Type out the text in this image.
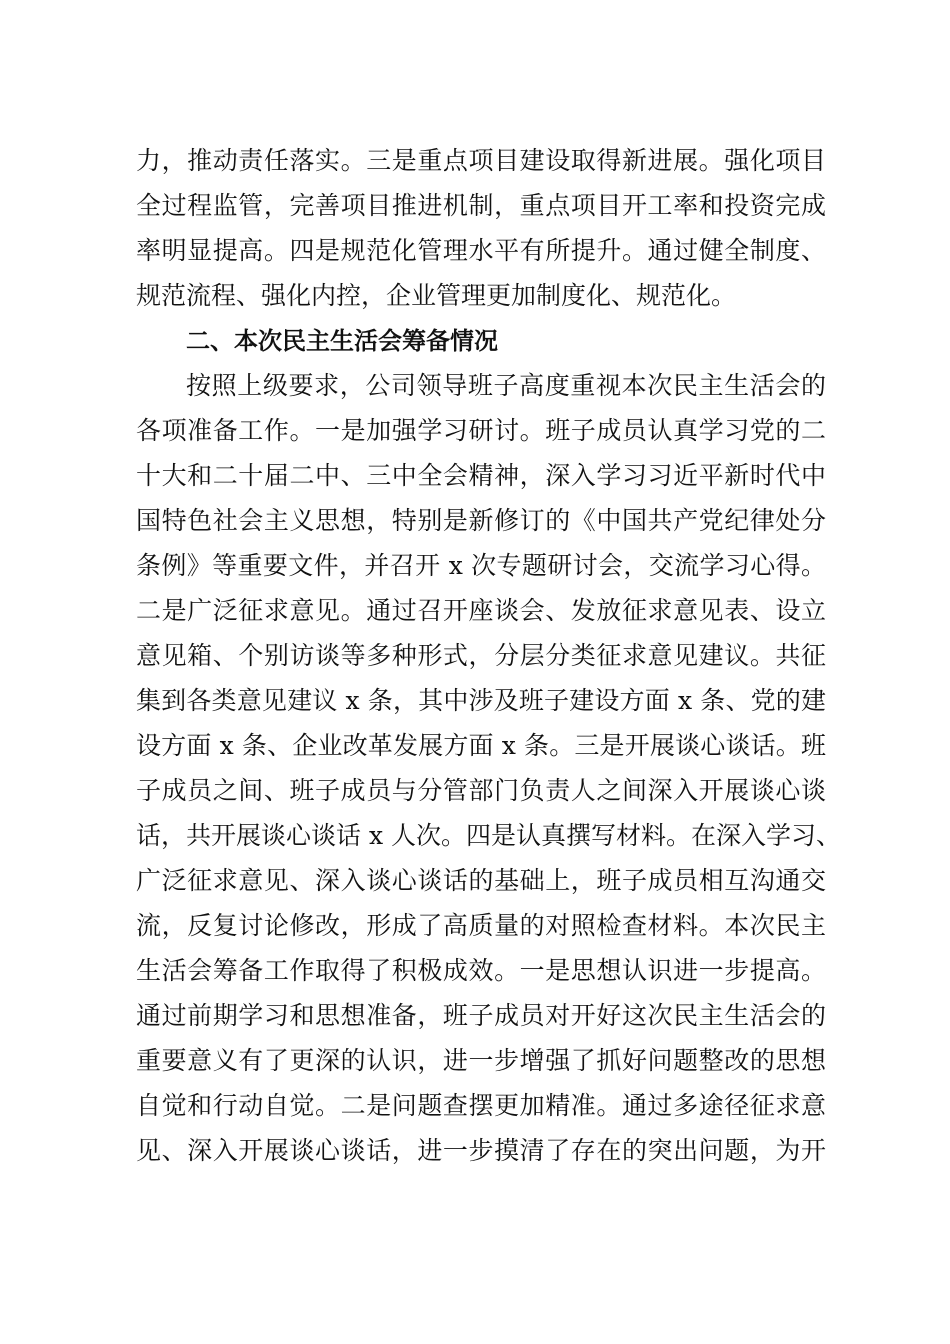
力，推动责任落实。三是重点项目建设取得新进展。强化项目
全过程监管，完善项目推进机制，重点项目开工率和投资完成
率明显提高。四是规范化管理水平有所提升。通过健全制度、
规范流程、强化内控，企业管理更加制度化、规范化。
二、本次民主生活会筹备情况
按照上级要求，公司领导班子高度重视本次民主生活会的
各项准备工作。一是加强学习研讨。班子成员认真学习党的二
十大和二十届二中、三中全会精神，深入学习习近平新时代中
国特色社会主义思想，特别是新修订的《中国共产党纪律处分
条例》等重要文件，并召开 x 次专题研讨会，交流学习心得。
二是广泛征求意见。通过召开座谈会、发放征求意见表、设立
意见箱、个别访谈等多种形式，分层分类征求意见建议。共征
集到各类意见建议 x 条，其中涉及班子建设方面 x 条、党的建
设方面 x 条、企业改革发展方面 x 条。三是开展谈心谈话。班
子成员之间、班子成员与分管部门负责人之间深入开展谈心谈
话，共开展谈心谈话 x 人次。四是认真撰写材料。在深入学习、
广泛征求意见、深入谈心谈话的基础上，班子成员相互沟通交
流，反复讨论修改，形成了高质量的对照检查材料。本次民主
生活会筹备工作取得了积极成效。一是思想认识进一步提高。
通过前期学习和思想准备，班子成员对开好这次民主生活会的
重要意义有了更深的认识，进一步增强了抓好问题整改的思想
自觉和行动自觉。二是问题查摆更加精准。通过多途径征求意
见、深入开展谈心谈话，进一步摸清了存在的突出问题，为开
